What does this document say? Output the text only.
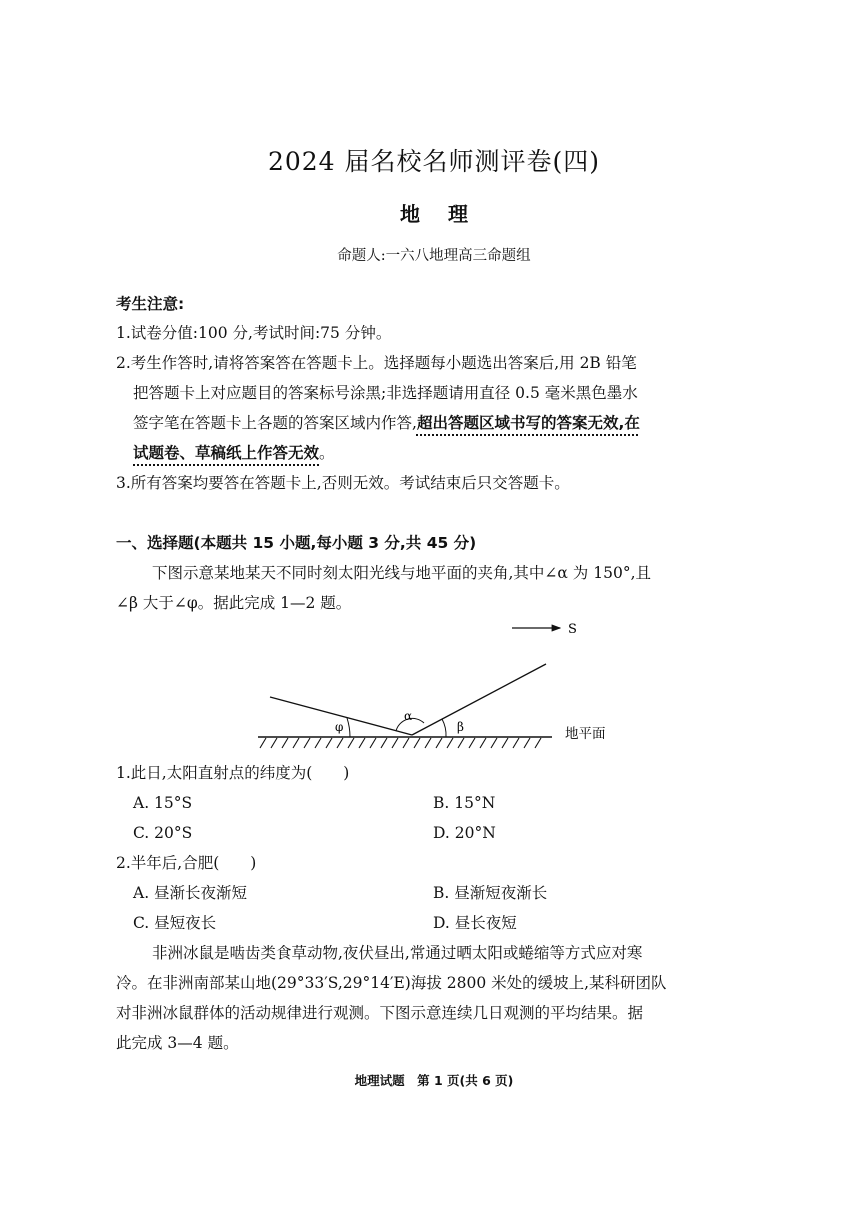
2024 届名校名师测评卷(四)
地理
命题人:一六八地理高三命题组
考生注意:
1.试卷分值:100 分,考试时间:75 分钟。
2.考生作答时,请将答案答在答题卡上。选择题每小题选出答案后,用 2B 铅笔
把答题卡上对应题目的答案标号涂黑;非选择题请用直径 0.5 毫米黑色墨水
签字笔在答题卡上各题的答案区域内作答,超出答题区域书写的答案无效,在
试题卷、草稿纸上作答无效。
3.所有答案均要答在答题卡上,否则无效。考试结束后只交答题卡。
一、选择题(本题共 15 小题,每小题 3 分,共 45 分)
下图示意某地某天不同时刻太阳光线与地平面的夹角,其中∠α 为 150°,且
∠β 大于∠φ。据此完成 1—2 题。
S
φ
α
β	地平面
1.此日,太阳直射点的纬度为(　　)
A. 15°S	B. 15°N
C. 20°S	D. 20°N
2.半年后,合肥(　　)
A. 昼渐长夜渐短	B. 昼渐短夜渐长
C. 昼短夜长	D. 昼长夜短
非洲冰鼠是啮齿类食草动物,夜伏昼出,常通过晒太阳或蜷缩等方式应对寒
冷。在非洲南部某山地(29°33′S,29°14′E)海拔 2800 米处的缓坡上,某科研团队
对非洲冰鼠群体的活动规律进行观测。下图示意连续几日观测的平均结果。据
此完成 3—4 题。
地理试题　第 1 页(共 6 页)
